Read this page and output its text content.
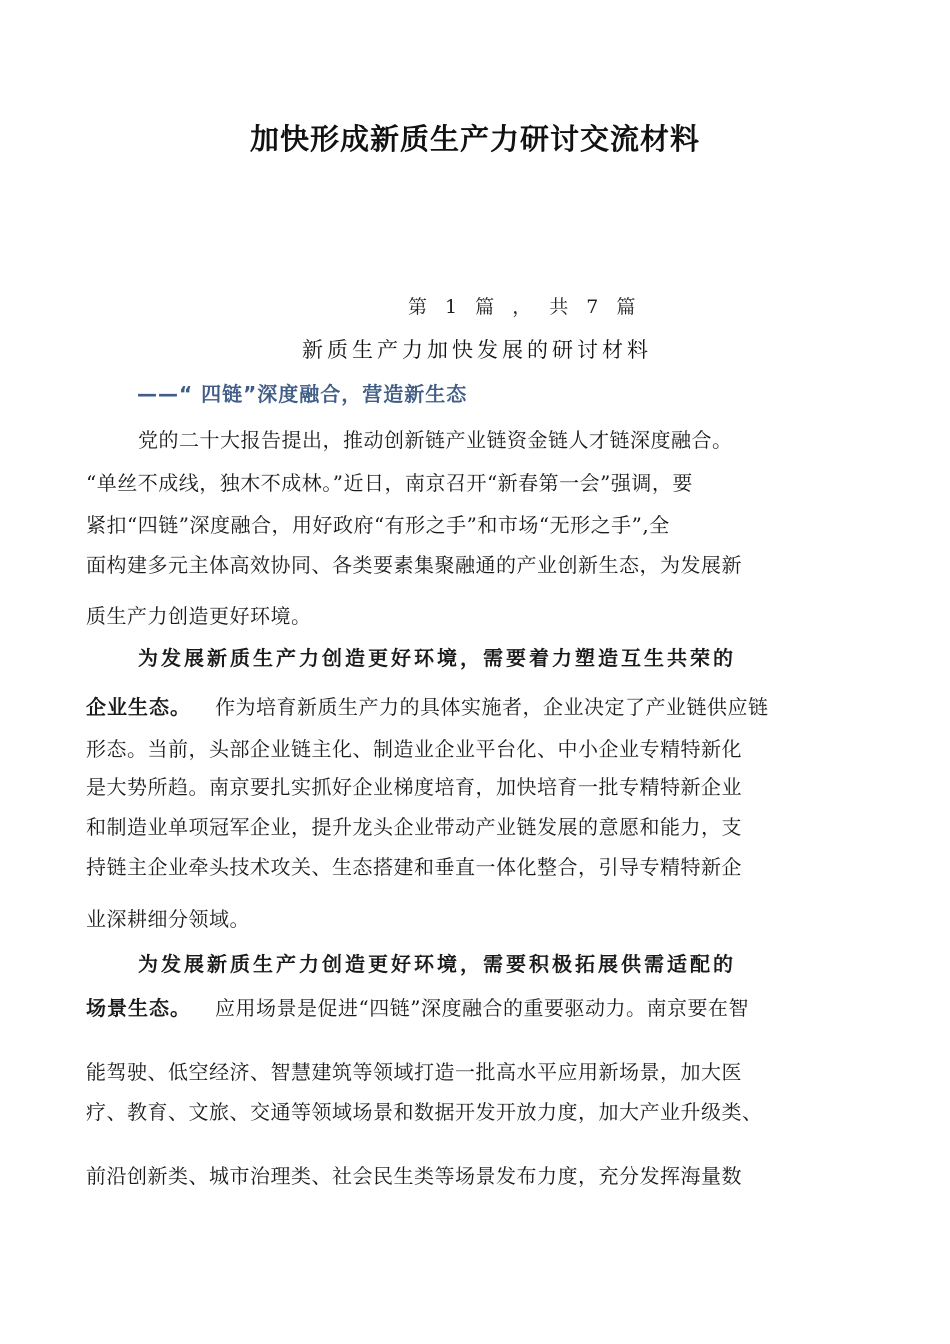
加快形成新质生产力研讨交流材料
第 1 篇 ， 共 7 篇
新质生产力加快发展的研讨材料
——“ 四链”深度融合，营造新生态
党的二十大报告提出，推动创新链产业链资金链人才链深度融合。
“单丝不成线，独木不成林。”近日，南京召开“新春第一会”强调，要
紧扣“四链”深度融合，用好政府“有形之手”和市场“无形之手”,全
面构建多元主体高效协同、各类要素集聚融通的产业创新生态，为发展新
质生产力创造更好环境。
为发展新质生产力创造更好环境，需要着力塑造互生共荣的
企业生态。 作为培育新质生产力的具体实施者，企业决定了产业链供应链
形态。当前，头部企业链主化、制造业企业平台化、中小企业专精特新化
是大势所趋。南京要扎实抓好企业梯度培育，加快培育一批专精特新企业
和制造业单项冠军企业，提升龙头企业带动产业链发展的意愿和能力，支
持链主企业牵头技术攻关、生态搭建和垂直一体化整合，引导专精特新企
业深耕细分领域。
为发展新质生产力创造更好环境，需要积极拓展供需适配的
场景生态。 应用场景是促进“四链”深度融合的重要驱动力。南京要在智
能驾驶、低空经济、智慧建筑等领域打造一批高水平应用新场景，加大医
疗、教育、文旅、交通等领域场景和数据开发开放力度，加大产业升级类、
前沿创新类、城市治理类、社会民生类等场景发布力度，充分发挥海量数
